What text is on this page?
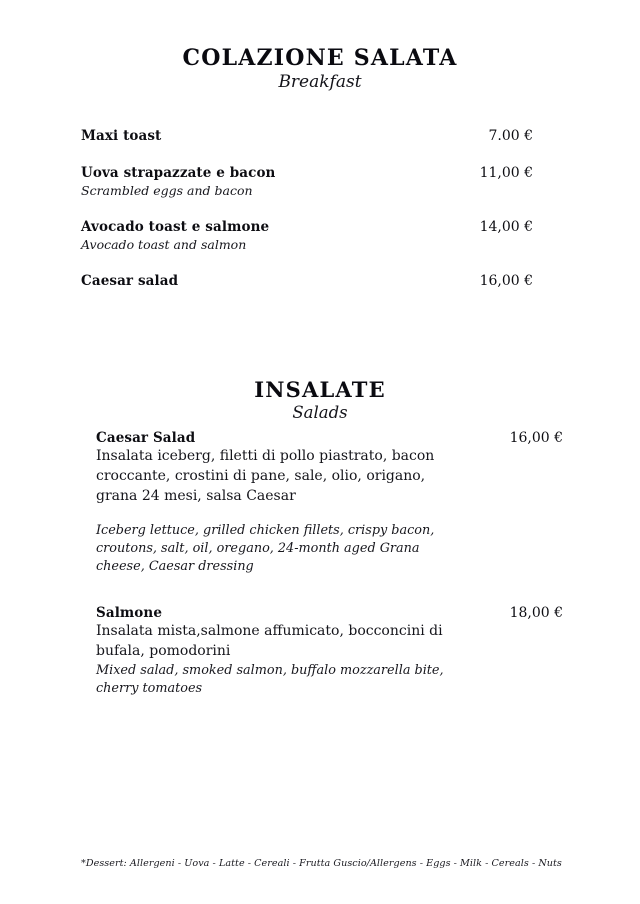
COLAZIONE SALATA
Breakfast
Maxi toast	7.00 €
Uova strapazzate e bacon	11,00 €
Scrambled eggs and bacon
Avocado toast e salmone	14,00 €
Avocado toast and salmon
Caesar salad	16,00 €
INSALATE
Salads
Caesar Salad	16,00 €
Insalata iceberg, filetti di pollo piastrato, bacon croccante, crostini di pane, sale, olio, origano, grana 24 mesi, salsa Caesar
Iceberg lettuce, grilled chicken fillets, crispy bacon, croutons, salt, oil, oregano, 24-month aged Grana cheese, Caesar dressing
Salmone	18,00 €
Insalata mista,salmone affumicato, bocconcini di bufala, pomodorini
Mixed salad, smoked salmon, buffalo mozzarella bite, cherry tomatoes
*Dessert: Allergeni - Uova - Latte - Cereali - Frutta Guscio/Allergens - Eggs - Milk - Cereals - Nuts
